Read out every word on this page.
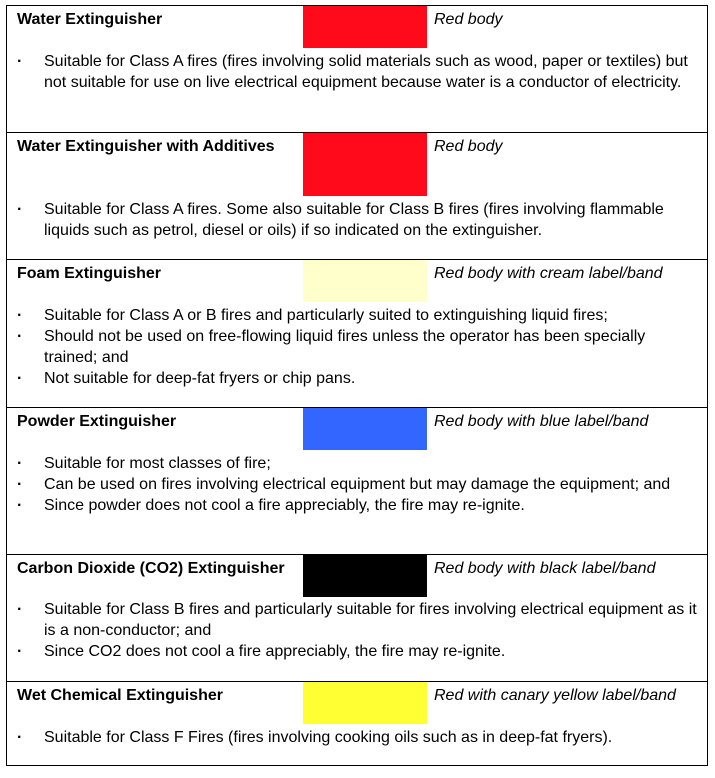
Water Extinguisher	Red body
· Suitable for Class A fires (fires involving solid materials such as wood, paper or textiles) but not suitable for use on live electrical equipment because water is a conductor of electricity.
Water Extinguisher with Additives	Red body
· Suitable for Class A fires. Some also suitable for Class B fires (fires involving flammable liquids such as petrol, diesel or oils) if so indicated on the extinguisher.
Foam Extinguisher	Red body with cream label/band
· Suitable for Class A or B fires and particularly suited to extinguishing liquid fires;
· Should not be used on free-flowing liquid fires unless the operator has been specially trained; and
· Not suitable for deep-fat fryers or chip pans.
Powder Extinguisher	Red body with blue label/band
· Suitable for most classes of fire;
· Can be used on fires involving electrical equipment but may damage the equipment; and
· Since powder does not cool a fire appreciably, the fire may re-ignite.
Carbon Dioxide (CO2) Extinguisher	Red body with black label/band
· Suitable for Class B fires and particularly suitable for fires involving electrical equipment as it is a non-conductor; and
· Since CO2 does not cool a fire appreciably, the fire may re-ignite.
Wet Chemical Extinguisher	Red with canary yellow label/band
· Suitable for Class F Fires (fires involving cooking oils such as in deep-fat fryers).
